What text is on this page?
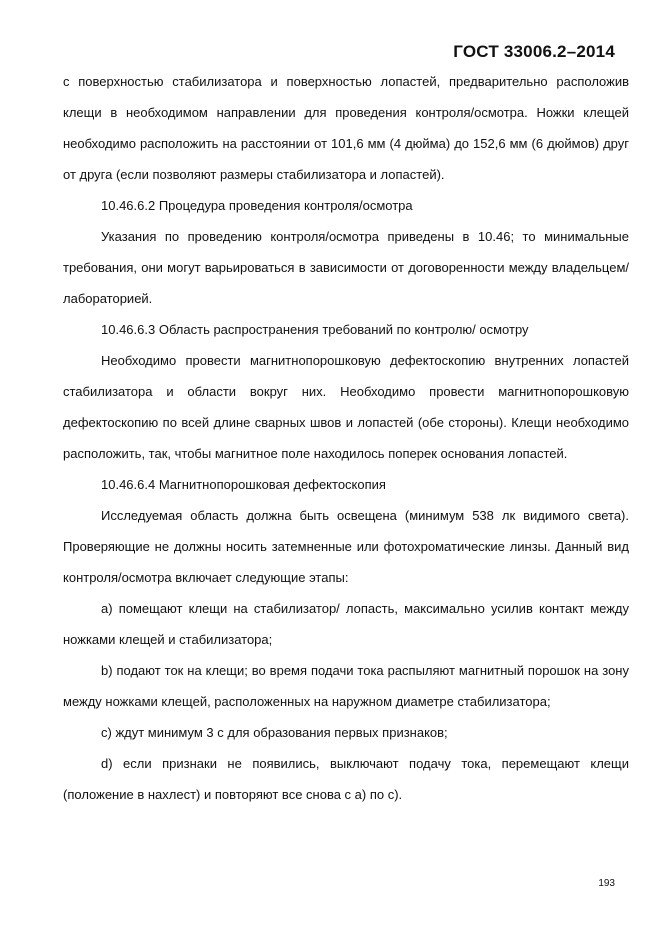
ГОСТ 33006.2–2014

с поверхностью стабилизатора и поверхностью лопастей, предварительно расположив клещи в необходимом направлении для проведения контроля/осмотра. Ножки клещей необходимо расположить на расстоянии от 101,6 мм (4 дюйма) до 152,6 мм (6 дюймов) друг от друга (если позволяют размеры стабилизатора и лопастей).

10.46.6.2 Процедура проведения контроля/осмотра

Указания по проведению контроля/осмотра приведены в 10.46; то минимальные требования, они могут варьироваться в зависимости от договоренности между владельцем/лабораторией.

10.46.6.3 Область распространения требований по контролю/ осмотру

Необходимо провести магнитнопорошковую дефектоскопию внутренних лопастей стабилизатора и области вокруг них. Необходимо провести магнитнопорошковую дефектоскопию по всей длине сварных швов и лопастей (обе стороны). Клещи необходимо расположить, так, чтобы магнитное поле находилось поперек основания лопастей.

10.46.6.4 Магнитнопорошковая дефектоскопия

Исследуемая область должна быть освещена (минимум 538 лк видимого света). Проверяющие не должны носить затемненные или фотохроматические линзы. Данный вид контроля/осмотра включает следующие этапы:

а) помещают клещи на стабилизатор/ лопасть, максимально усилив контакт между ножками клещей и стабилизатора;

b) подают ток на клещи; во время подачи тока распыляют магнитный порошок на зону между ножками клещей, расположенных на наружном диаметре стабилизатора;

c) ждут минимум 3 с для образования первых признаков;

d) если признаки не появились, выключают подачу тока, перемещают клещи (положение в нахлест) и повторяют все снова с а) по с).

193
